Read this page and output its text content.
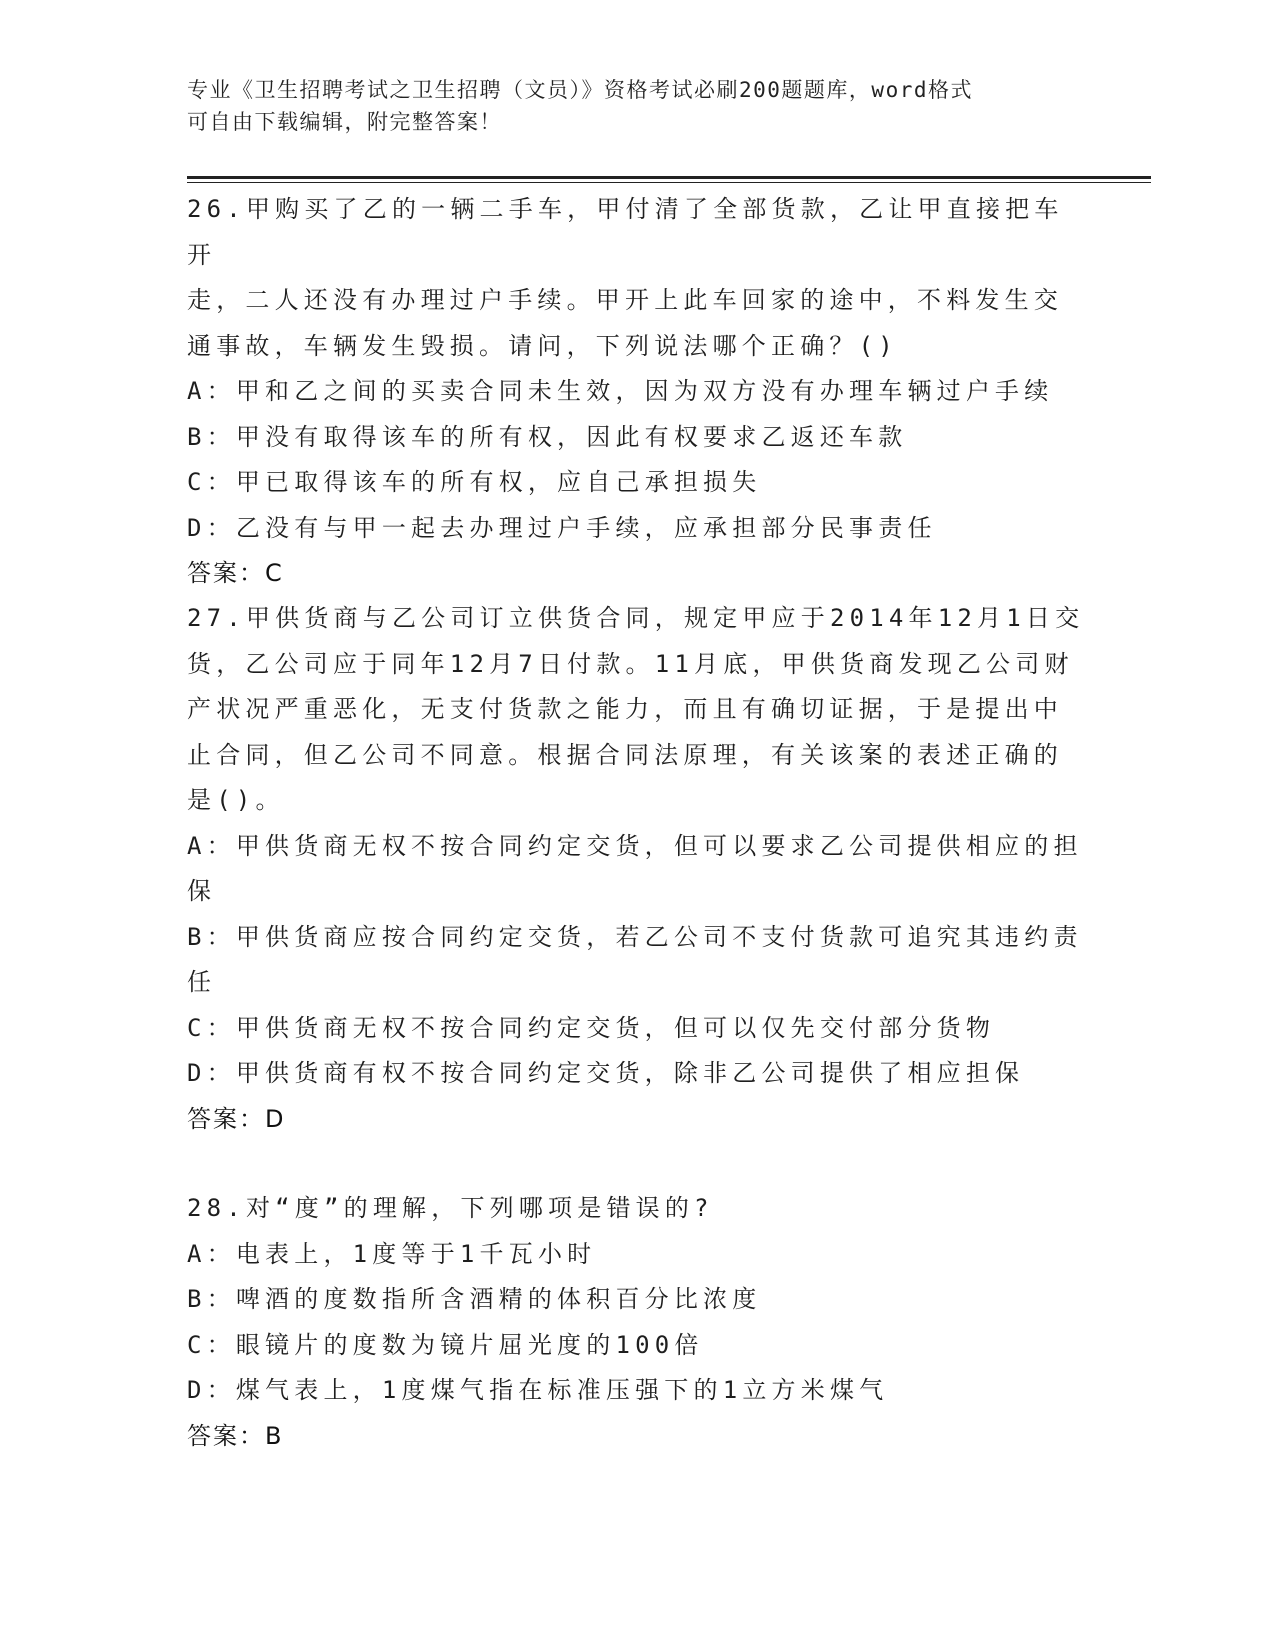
专业《卫生招聘考试之卫生招聘（文员）》资格考试必刷200题题库，word格式
可自由下载编辑，附完整答案！

26.甲购买了乙的一辆二手车，甲付清了全部货款，乙让甲直接把车开

走，二人还没有办理过户手续。甲开上此车回家的途中，不料发生交

通事故，车辆发生毁损。请问，下列说法哪个正确？()

A：甲和乙之间的买卖合同未生效，因为双方没有办理车辆过户手续

B：甲没有取得该车的所有权，因此有权要求乙返还车款

C：甲已取得该车的所有权，应自己承担损失

D：乙没有与甲一起去办理过户手续，应承担部分民事责任

答案：C

27.甲供货商与乙公司订立供货合同，规定甲应于2014年12月1日交

货，乙公司应于同年12月7日付款。11月底，甲供货商发现乙公司财

产状况严重恶化，无支付货款之能力，而且有确切证据，于是提出中

止合同，但乙公司不同意。根据合同法原理，有关该案的表述正确的

是()。

A：甲供货商无权不按合同约定交货，但可以要求乙公司提供相应的担

保

B：甲供货商应按合同约定交货，若乙公司不支付货款可追究其违约责

任

C：甲供货商无权不按合同约定交货，但可以仅先交付部分货物

D：甲供货商有权不按合同约定交货，除非乙公司提供了相应担保

答案：D

28.对“度”的理解，下列哪项是错误的?

A：电表上，1度等于1千瓦小时

B：啤酒的度数指所含酒精的体积百分比浓度

C：眼镜片的度数为镜片屈光度的100倍

D：煤气表上，1度煤气指在标准压强下的1立方米煤气

答案：B
